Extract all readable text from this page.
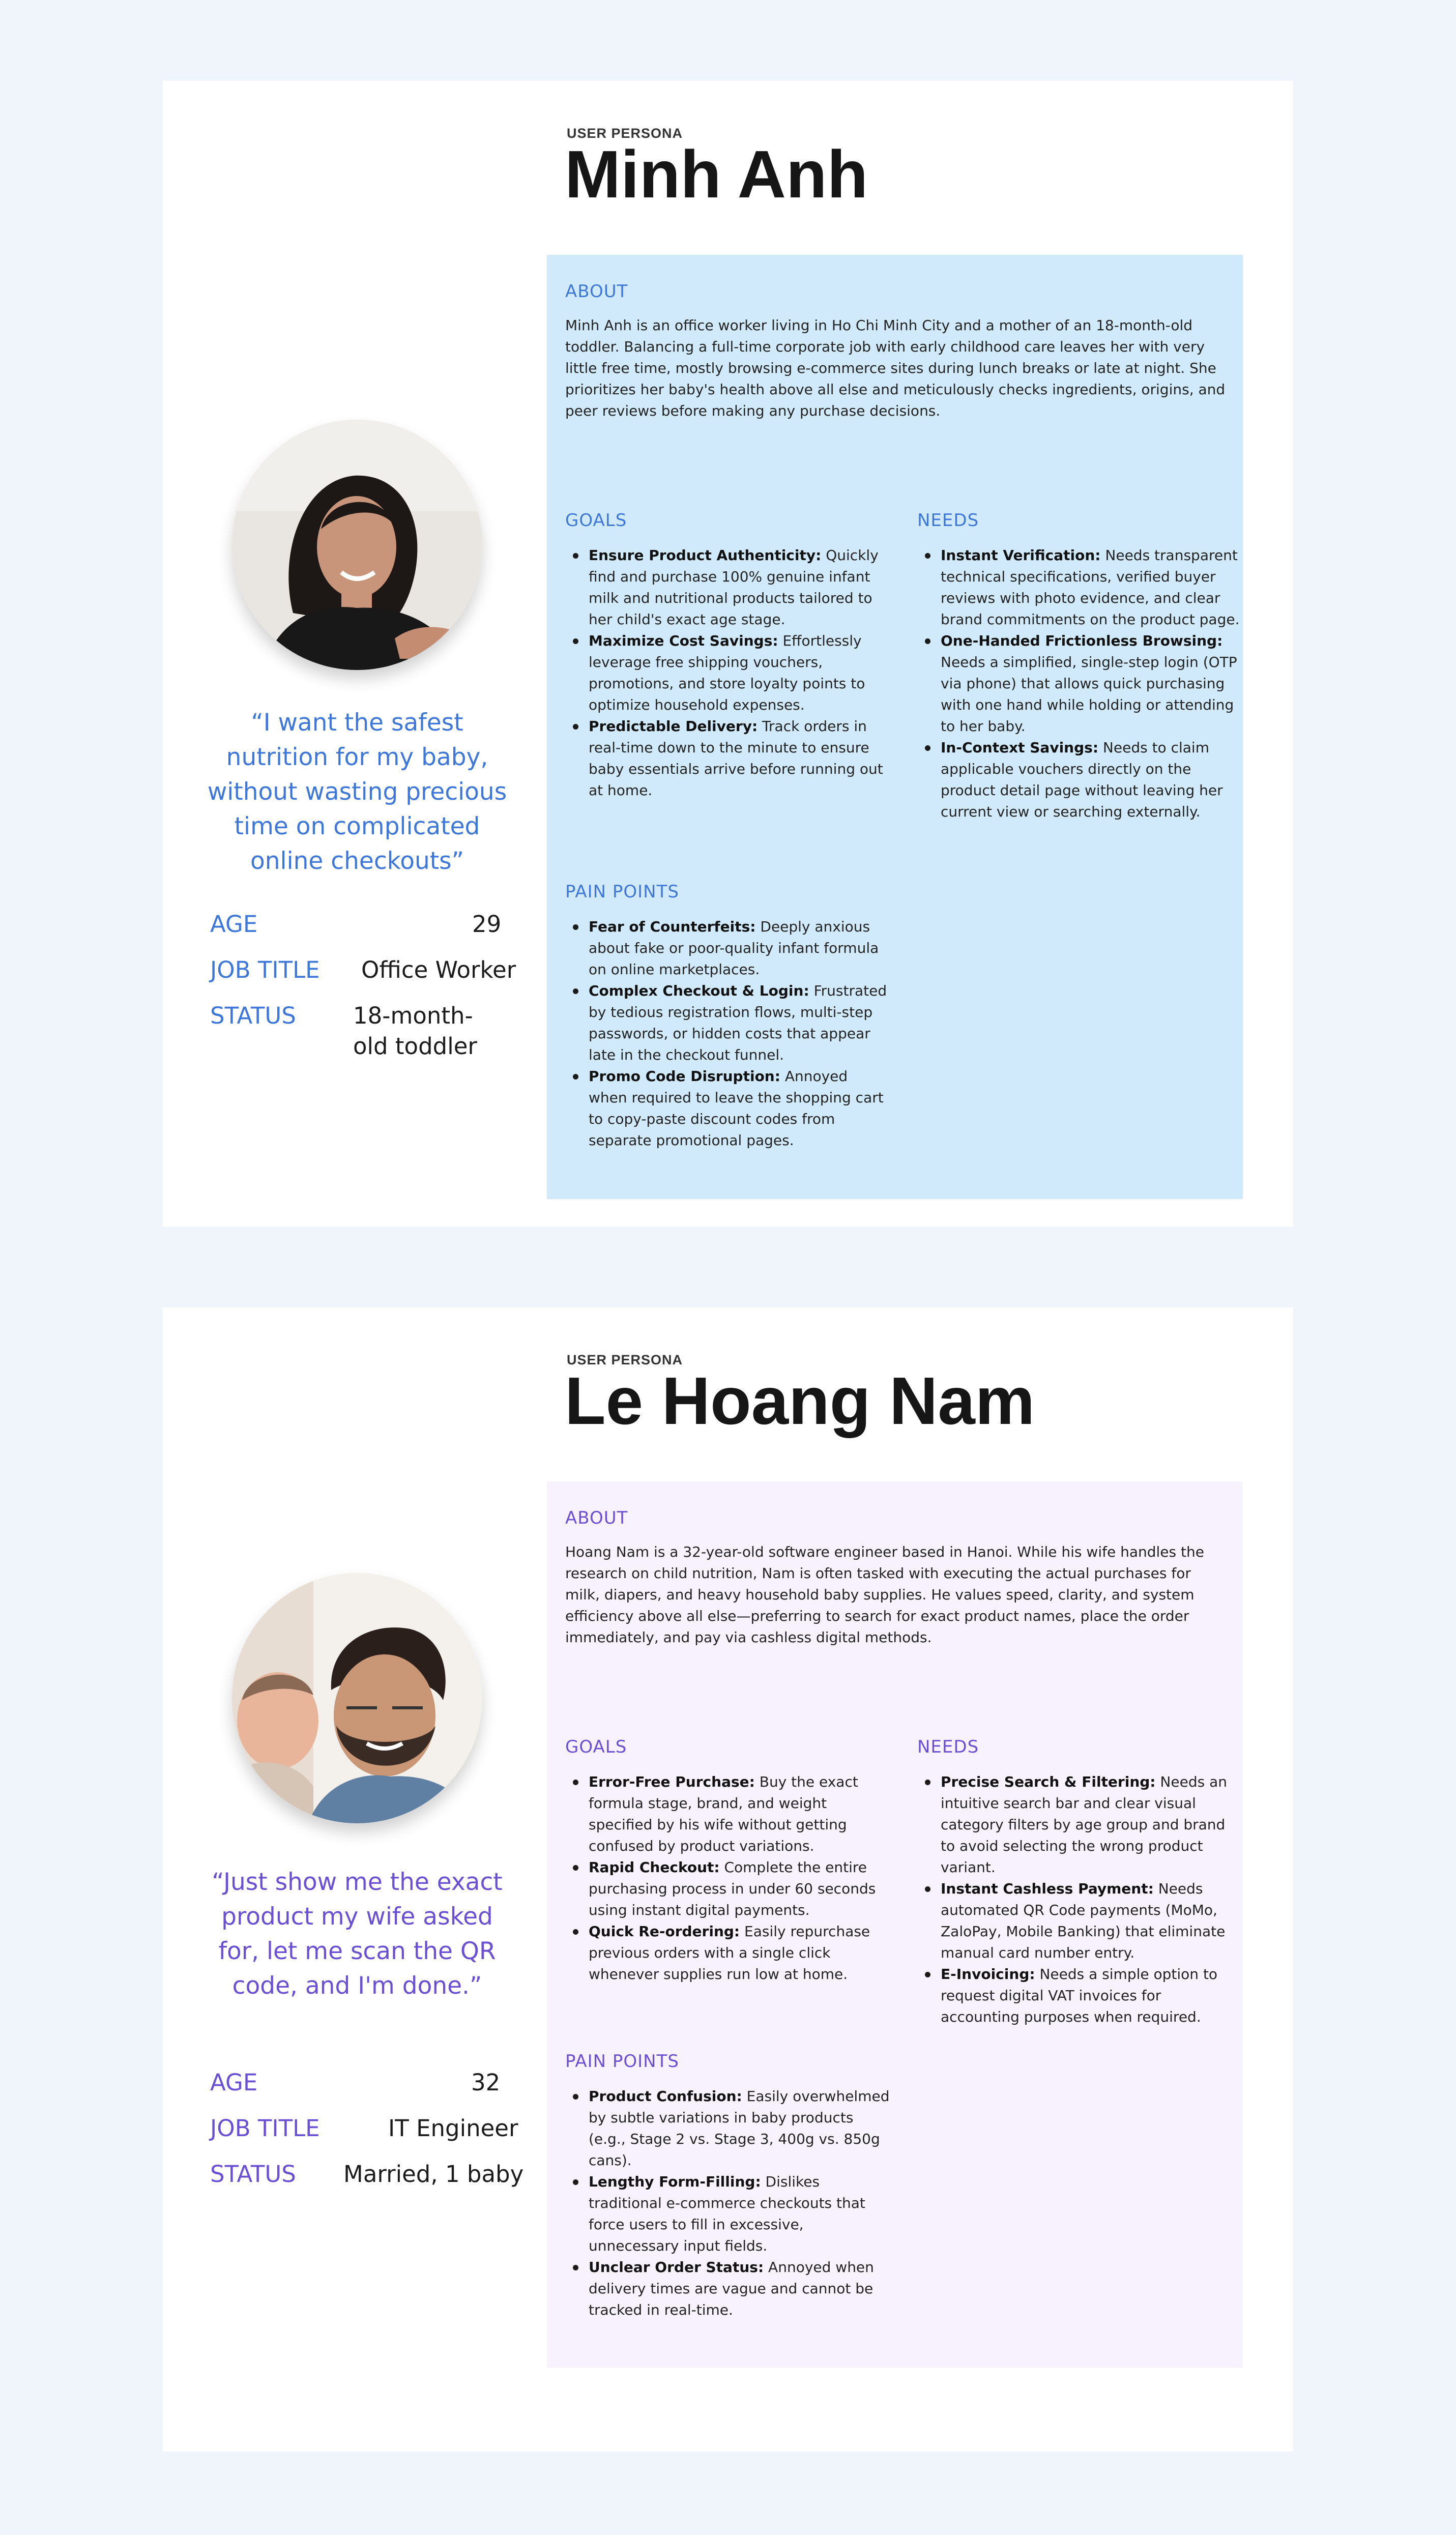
USER PERSONA

Minh Anh

“I want the safest nutrition for my baby, without wasting precious time on complicated online checkouts”

AGE	29

JOB TITLE Office Worker

STATUS 18-month-old toddler

ABOUT

Minh Anh is an office worker living in Ho Chi Minh City and a mother of an 18-month-old toddler. Balancing a full-time corporate job with early childhood care leaves her with very little free time, mostly browsing e-commerce sites during lunch breaks or late at night. She prioritizes her baby's health above all else and meticulously checks ingredients, origins, and peer reviews before making any purchase decisions.

GOALS
Ensure Product Authenticity: Quickly find and purchase 100% genuine infant milk and nutritional products tailored to her child's exact age stage.
Maximize Cost Savings: Effortlessly leverage free shipping vouchers, promotions, and store loyalty points to optimize household expenses.
Predictable Delivery: Track orders in real-time down to the minute to ensure baby essentials arrive before running out at home.
NEEDS
Instant Verification: Needs transparent technical specifications, verified buyer reviews with photo evidence, and clear brand commitments on the product page.
One-Handed Frictionless Browsing: Needs a simplified, single-step login (OTP via phone) that allows quick purchasing with one hand while holding or attending to her baby.
In-Context Savings: Needs to claim applicable vouchers directly on the product detail page without leaving her current view or searching externally.
PAIN POINTS
Fear of Counterfeits: Deeply anxious about fake or poor-quality infant formula on online marketplaces.
Complex Checkout & Login: Frustrated by tedious registration flows, multi-step passwords, or hidden costs that appear late in the checkout funnel.
Promo Code Disruption: Annoyed when required to leave the shopping cart to copy-paste discount codes from separate promotional pages.

USER PERSONA

Le Hoang Nam

“Just show me the exact product my wife asked for, let me scan the QR code, and I'm done.”

AGE	32

JOB TITLE	IT Engineer

STATUS Married, 1 baby

ABOUT

Hoang Nam is a 32-year-old software engineer based in Hanoi. While his wife handles the research on child nutrition, Nam is often tasked with executing the actual purchases for milk, diapers, and heavy household baby supplies. He values speed, clarity, and system efficiency above all else—preferring to search for exact product names, place the order immediately, and pay via cashless digital methods.

GOALS
Error-Free Purchase: Buy the exact formula stage, brand, and weight specified by his wife without getting confused by product variations.
Rapid Checkout: Complete the entire purchasing process in under 60 seconds using instant digital payments.
Quick Re-ordering: Easily repurchase previous orders with a single click whenever supplies run low at home.
NEEDS
Precise Search & Filtering: Needs an intuitive search bar and clear visual category filters by age group and brand to avoid selecting the wrong product variant.
Instant Cashless Payment: Needs automated QR Code payments (MoMo, ZaloPay, Mobile Banking) that eliminate manual card number entry.
E-Invoicing: Needs a simple option to request digital VAT invoices for accounting purposes when required.
PAIN POINTS
Product Confusion: Easily overwhelmed by subtle variations in baby products (e.g., Stage 2 vs. Stage 3, 400g vs. 850g cans).
Lengthy Form-Filling: Dislikes traditional e-commerce checkouts that force users to fill in excessive, unnecessary input fields.
Unclear Order Status: Annoyed when delivery times are vague and cannot be tracked in real-time.
